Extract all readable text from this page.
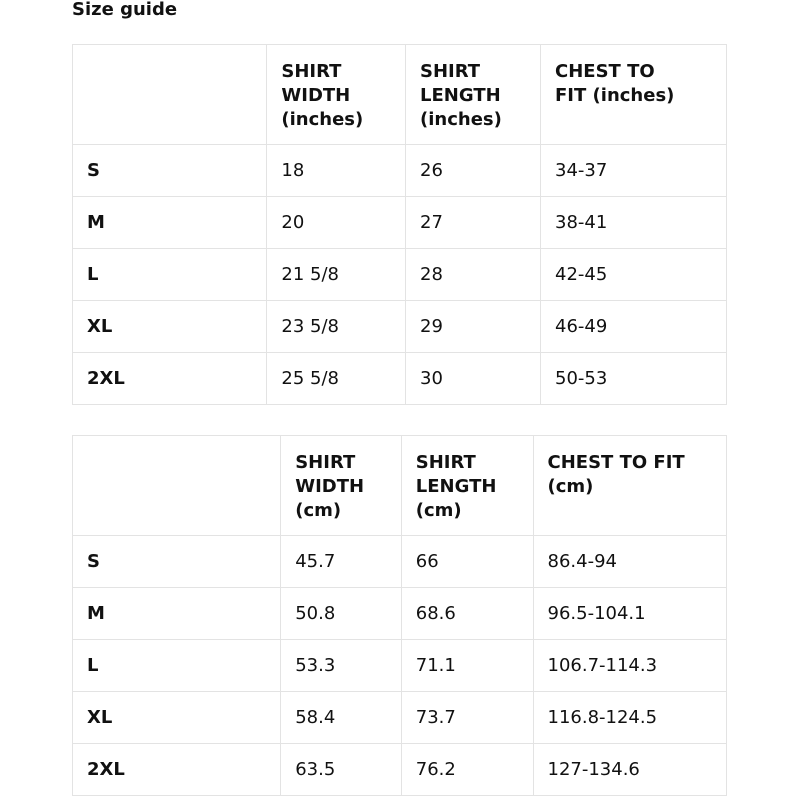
Size guide

	SHIRT
WIDTH
(inches)	SHIRT
LENGTH
(inches)	CHEST TO
FIT (inches)

S	18	26	34-37
M	20	27	38-41
L	21 5/8	28	42-45
XL	23 5/8	29	46-49
2XL	25 5/8	30	50-53

	SHIRT
WIDTH
(cm)	SHIRT
LENGTH
(cm)	CHEST TO FIT
(cm)

S	45.7	66	86.4-94
M	50.8	68.6	96.5-104.1
L	53.3	71.1	106.7-114.3
XL	58.4	73.7	116.8-124.5
2XL	63.5	76.2	127-134.6
